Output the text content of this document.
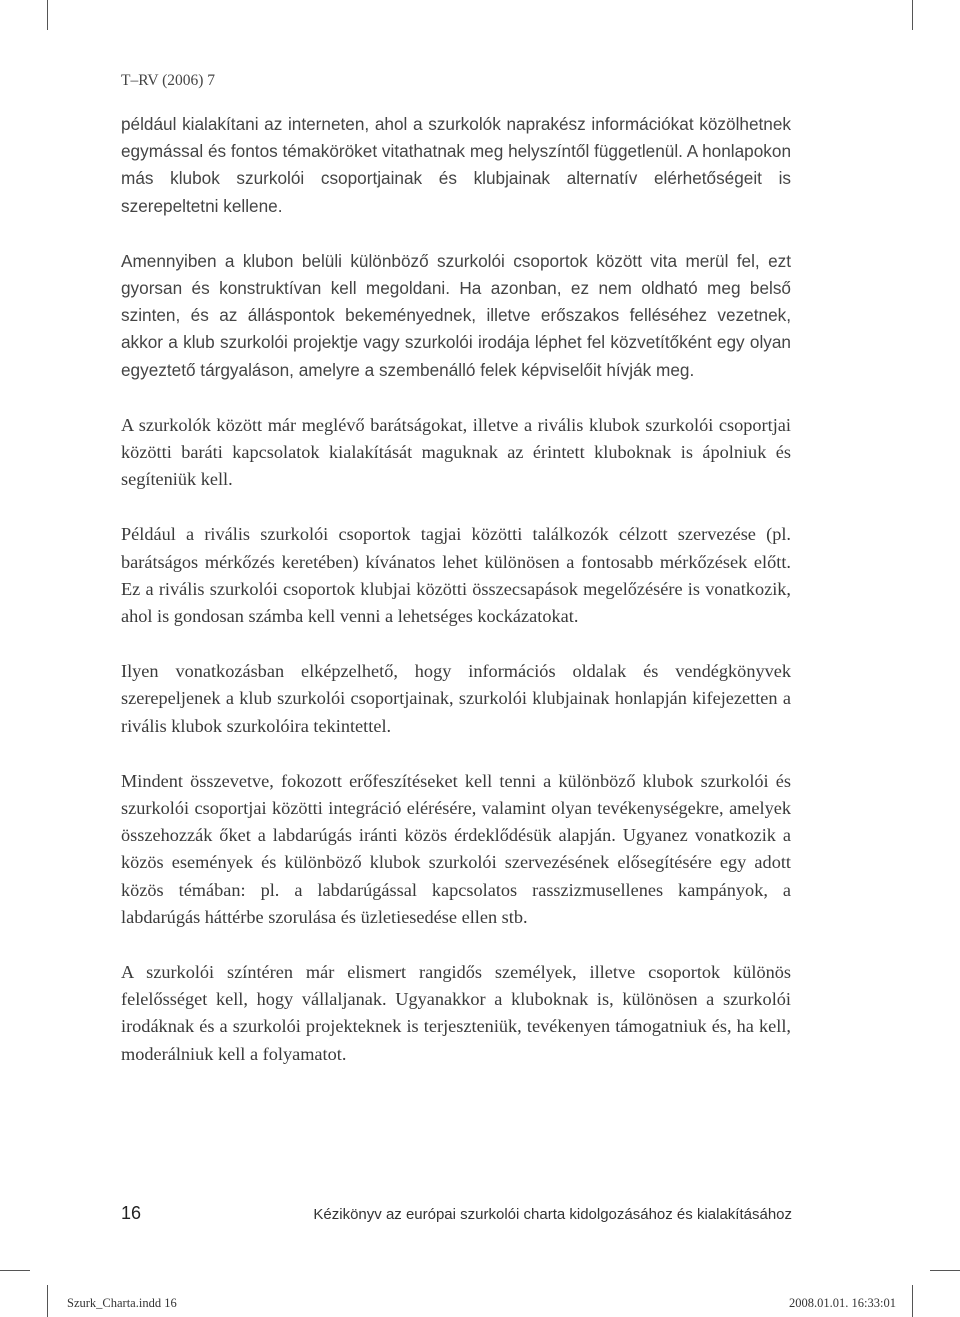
T–RV (2006) 7

például kialakítani az interneten, ahol a szurkolók naprakész információkat közölhetnek egymással és fontos témaköröket vitathatnak meg helyszíntől függetlenül. A honlapokon más klubok szurkolói csoportjainak és klubjainak alternatív elérhetőségeit is szerepeltetni kellene.

Amennyiben a klubon belüli különböző szurkolói csoportok között vita merül fel, ezt gyorsan és konstruktívan kell megoldani. Ha azonban, ez nem oldható meg belső szinten, és az álláspontok bekeményednek, illetve erőszakos felléséhez vezetnek, akkor a klub szurkolói projektje vagy szurkolói irodája léphet fel közvetítőként egy olyan egyeztető tárgyaláson, amelyre a szembenálló felek képviselőit hívják meg.

A szurkolók között már meglévő barátságokat, illetve a rivális klubok szurkolói csoportjai közötti baráti kapcsolatok kialakítását maguknak az érintett kluboknak is ápolniuk és segíteniük kell.

Például a rivális szurkolói csoportok tagjai közötti találkozók célzott szervezése (pl. barátságos mérkőzés keretében) kívánatos lehet különösen a fontosabb mérkőzések előtt. Ez a rivális szurkolói csoportok klubjai közötti összecsapások megelőzésére is vonatkozik, ahol is gondosan számba kell venni a lehetséges kockázatokat.

Ilyen vonatkozásban elképzelhető, hogy információs oldalak és vendégkönyvek szerepeljenek a klub szurkolói csoportjainak, szurkolói klubjainak honlapján kifejezetten a rivális klubok szurkolóira tekintettel.

Mindent összevetve, fokozott erőfeszítéseket kell tenni a különböző klubok szurkolói és szurkolói csoportjai közötti integráció elérésére, valamint olyan tevékenységekre, amelyek összehozzák őket a labdarúgás iránti közös érdeklődésük alapján. Ugyanez vonatkozik a közös események és különböző klubok szurkolói szervezésének elősegítésére egy adott közös témában: pl. a labdarúgással kapcsolatos rasszizmusellenes kampányok, a labdarúgás háttérbe szorulása és üzletiesedése ellen stb.

A szurkolói színtéren már elismert rangidős személyek, illetve csoportok különös felelősséget kell, hogy vállaljanak. Ugyanakkor a kluboknak is, különösen a szurkolói irodáknak és a szurkolói projekteknek is terjeszteniük, tevékenyen támogatniuk és, ha kell, moderálniuk kell a folyamatot.

16	Kézikönyv az európai szurkolói charta kidolgozásához és kialakításához
Szurk_Charta.indd 16	2008.01.01. 16:33:01
